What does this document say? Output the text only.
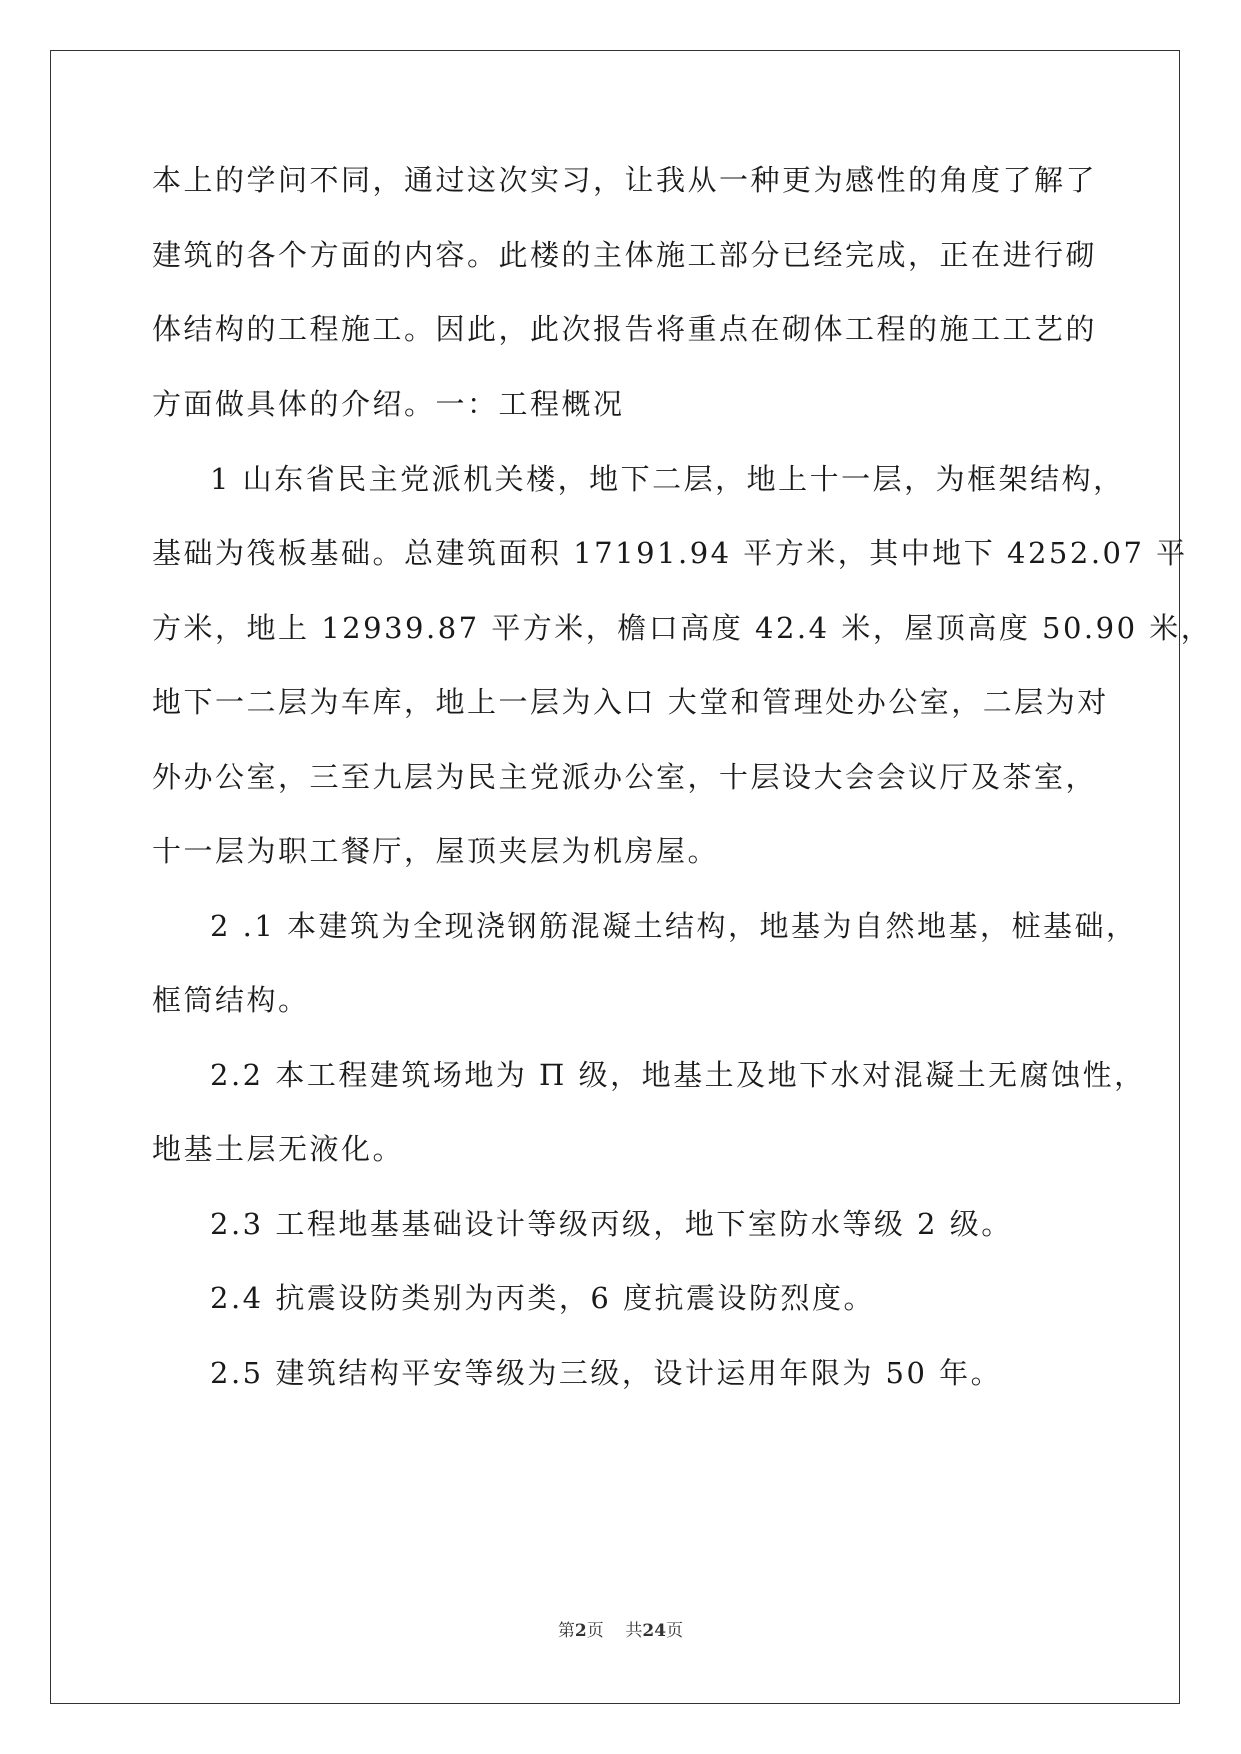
本上的学问不同，通过这次实习，让我从一种更为感性的角度了解了
建筑的各个方面的内容。此楼的主体施工部分已经完成，正在进行砌
体结构的工程施工。因此，此次报告将重点在砌体工程的施工工艺的
方面做具体的介绍。一：工程概况
1 山东省民主党派机关楼，地下二层，地上十一层，为框架结构，
基础为筏板基础。总建筑面积 17191.94 平方米，其中地下 4252.07 平
方米，地上 12939.87 平方米，檐口高度 42.4 米，屋顶高度 50.90 米，
地下一二层为车库，地上一层为入口 大堂和管理处办公室，二层为对
外办公室，三至九层为民主党派办公室，十层设大会会议厅及茶室，
十一层为职工餐厅，屋顶夹层为机房屋。
2 .1 本建筑为全现浇钢筋混凝土结构，地基为自然地基，桩基础，
框筒结构。
2.2 本工程建筑场地为 Π 级，地基土及地下水对混凝土无腐蚀性，
地基土层无液化。
2.3 工程地基基础设计等级丙级，地下室防水等级 2 级。
2.4 抗震设防类别为丙类，6 度抗震设防烈度。
2.5 建筑结构平安等级为三级，设计运用年限为 50 年。
第2页 共24页
